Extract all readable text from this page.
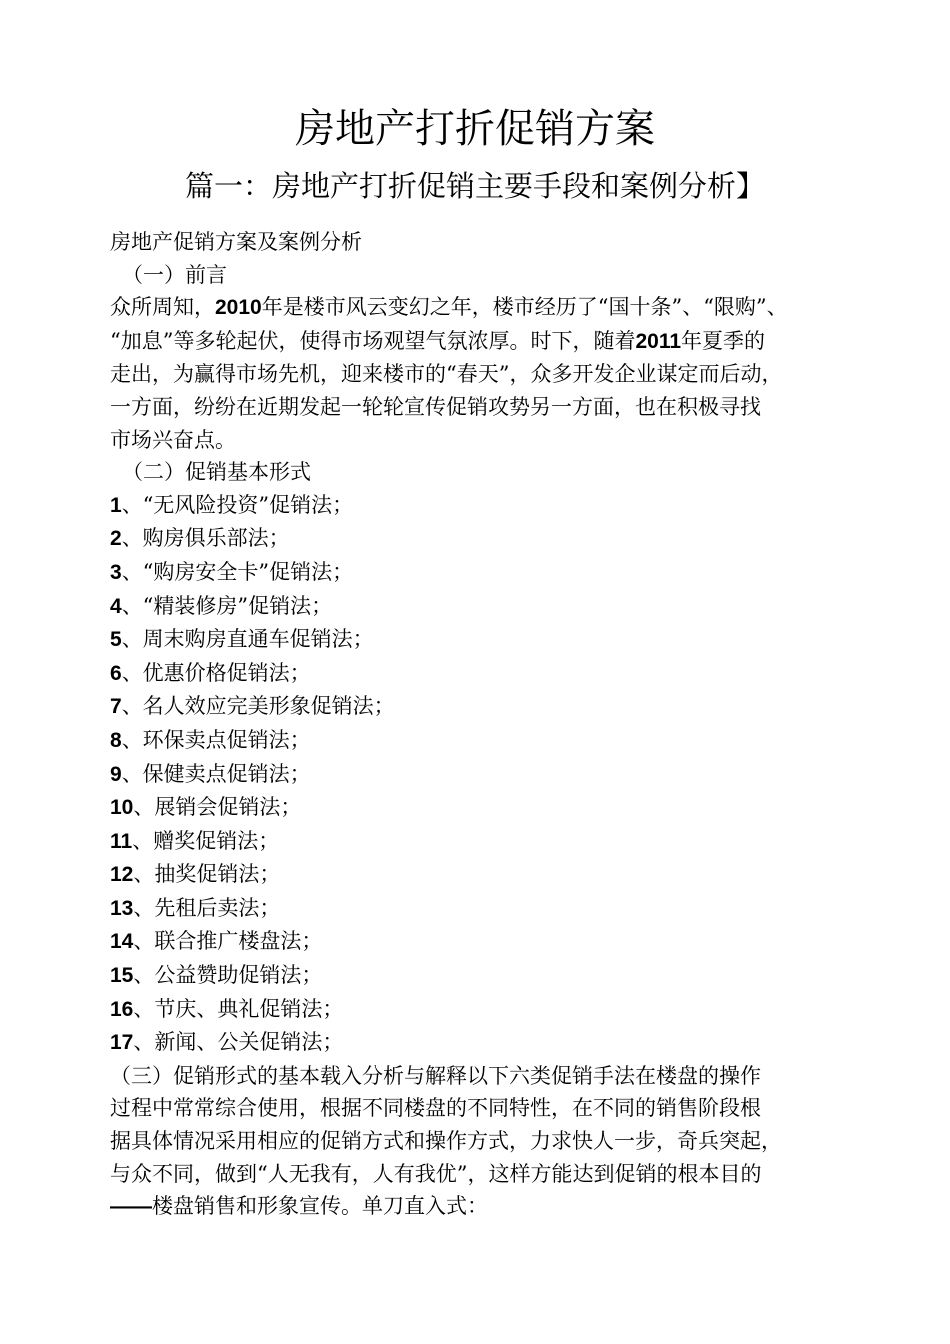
房地产打折促销方案
篇一：房地产打折促销主要手段和案例分析】
房地产促销方案及案例分析
（一）前言
众所周知，2010年是楼市风云变幻之年，楼市经历了“国十条”、“限购”、
“加息”等多轮起伏，使得市场观望气氛浓厚。时下，随着2011年夏季的
走出，为赢得市场先机，迎来楼市的“春天”，众多开发企业谋定而后动，
一方面，纷纷在近期发起一轮轮宣传促销攻势另一方面，也在积极寻找
市场兴奋点。
（二）促销基本形式
1、“无风险投资”促销法；
2、购房俱乐部法；
3、“购房安全卡”促销法；
4、“精装修房”促销法；
5、周末购房直通车促销法；
6、优惠价格促销法；
7、名人效应完美形象促销法；
8、环保卖点促销法；
9、保健卖点促销法；
10、展销会促销法；
11、赠奖促销法；
12、抽奖促销法；
13、先租后卖法；
14、联合推广楼盘法；
15、公益赞助促销法；
16、节庆、典礼促销法；
17、新闻、公关促销法；
（三）促销形式的基本载入分析与解释以下六类促销手法在楼盘的操作
过程中常常综合使用，根据不同楼盘的不同特性，在不同的销售阶段根
据具体情况采用相应的促销方式和操作方式，力求快人一步，奇兵突起，
与众不同，做到“人无我有，人有我优”，这样方能达到促销的根本目的
——楼盘销售和形象宣传。单刀直入式：
